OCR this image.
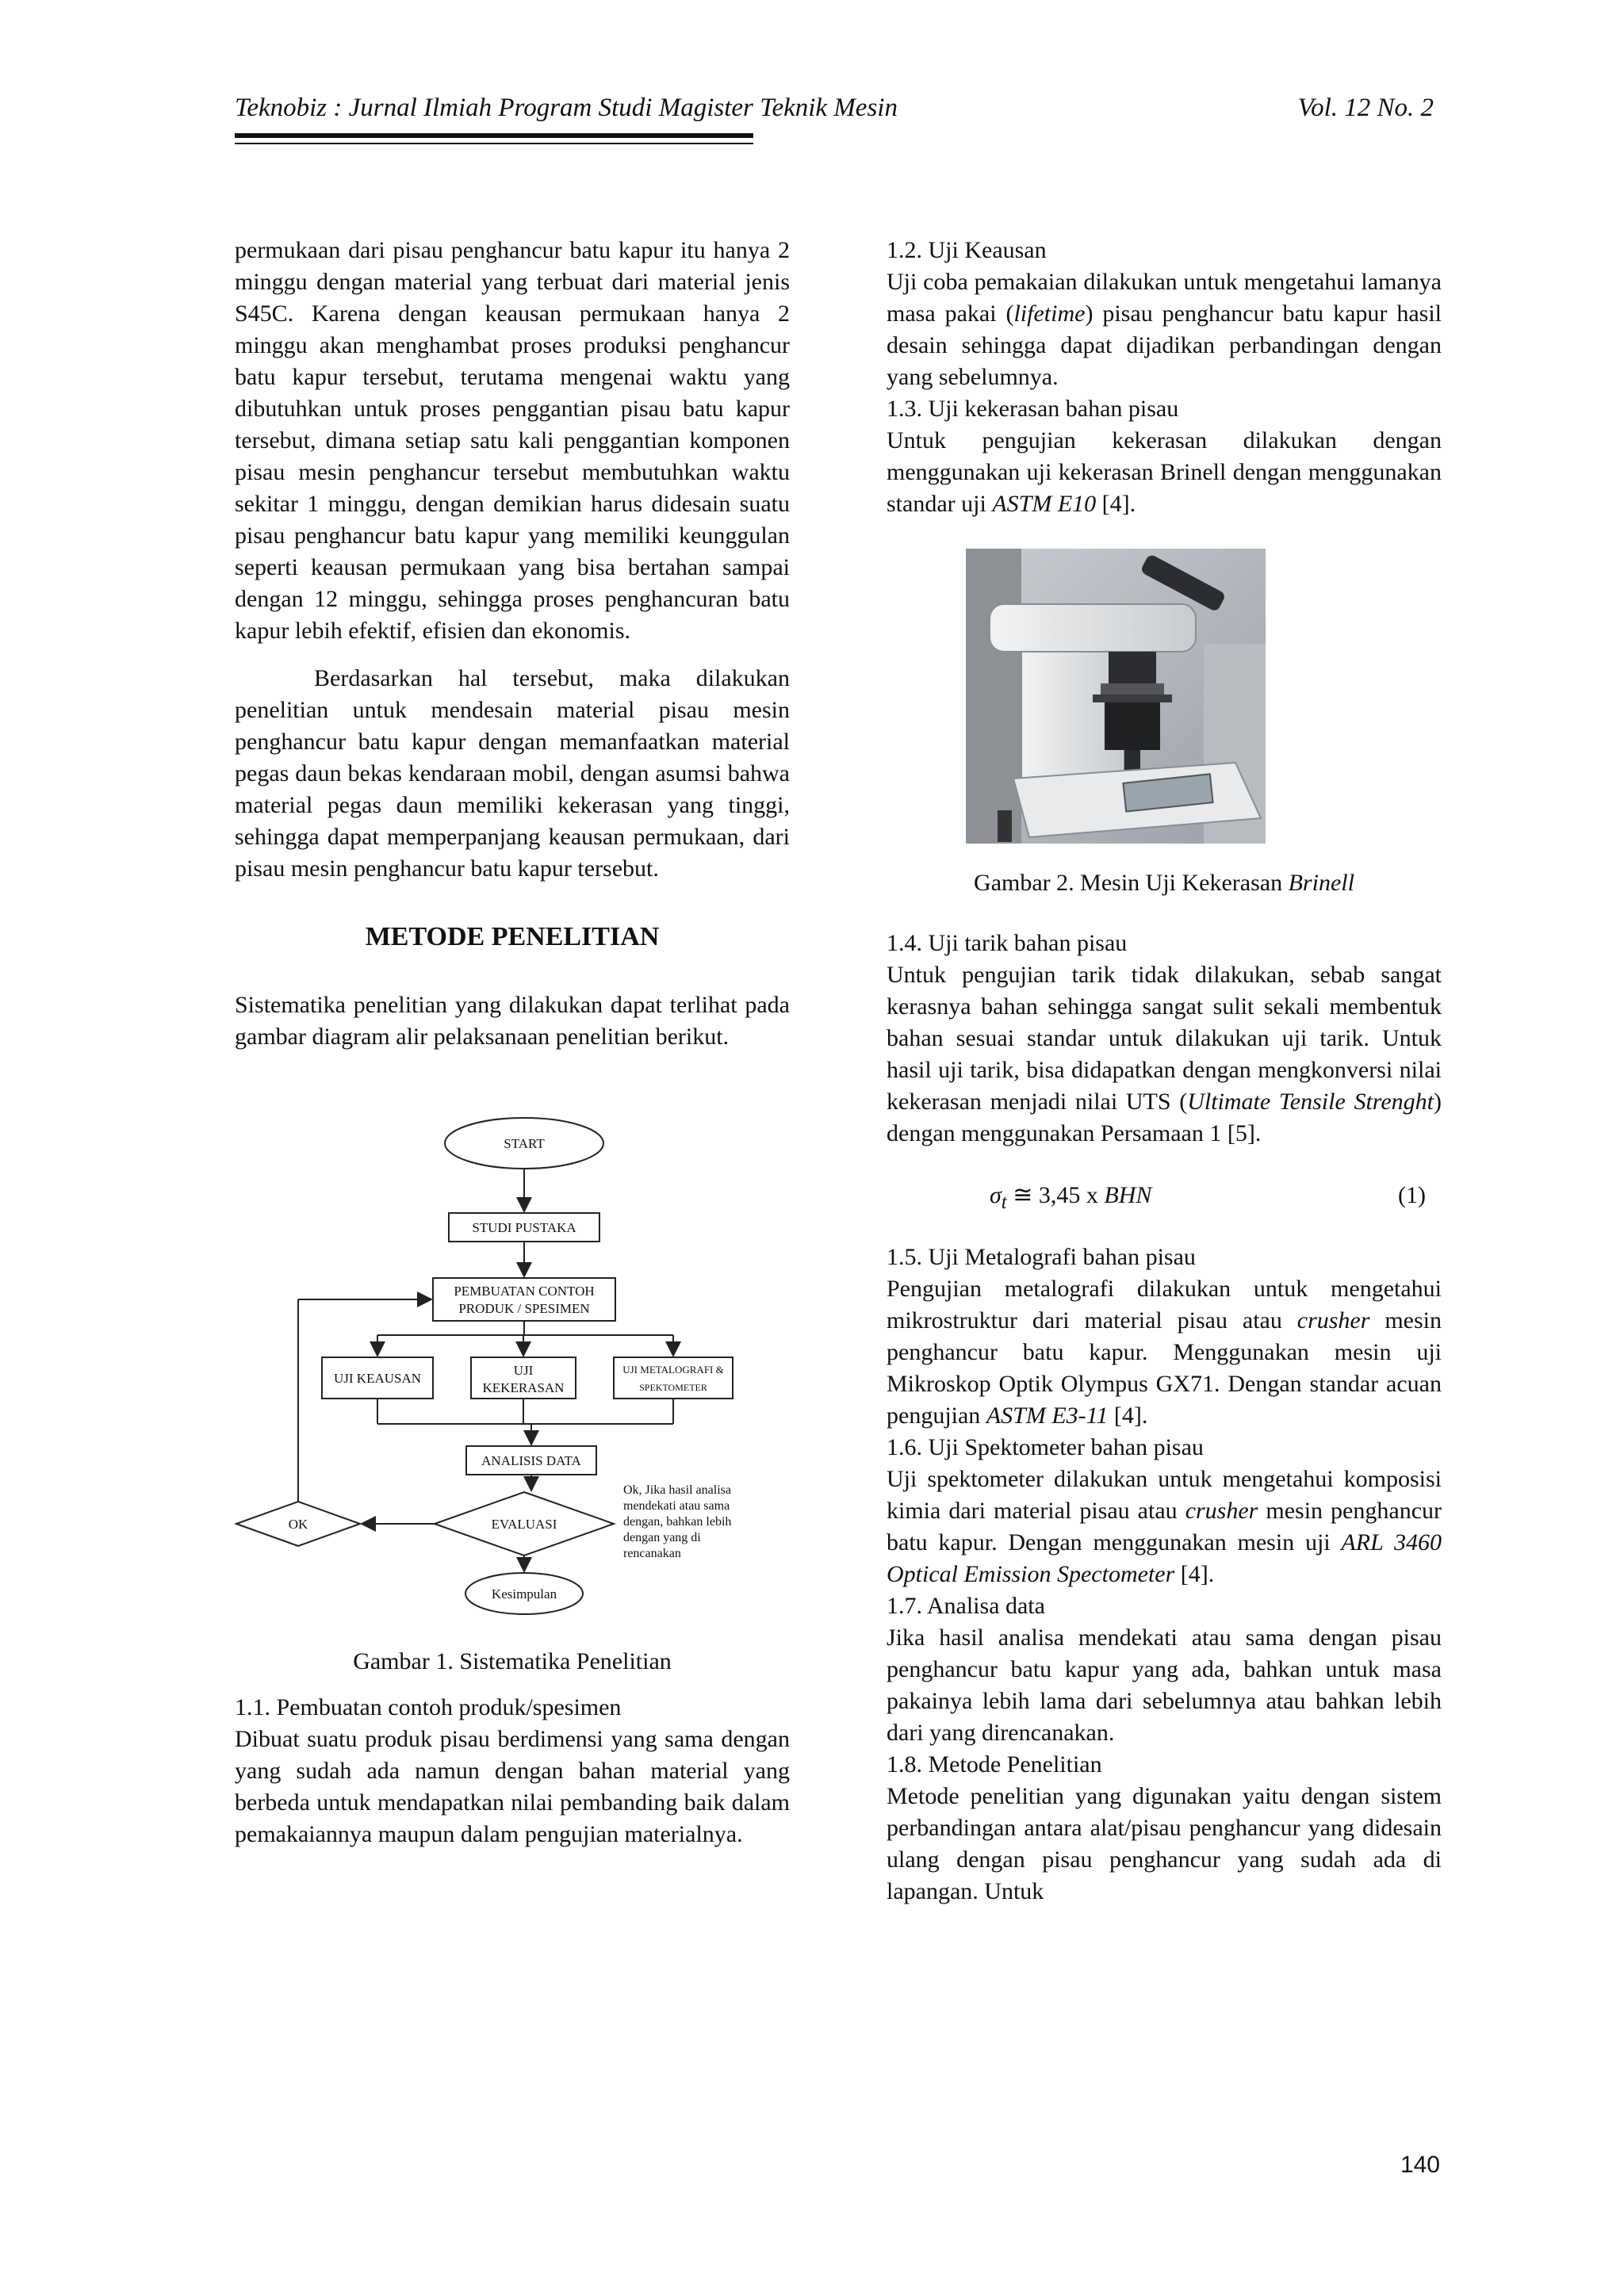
Teknobiz : Jurnal Ilmiah Program Studi Magister Teknik Mesin	Vol. 12 No. 2

permukaan dari pisau penghancur batu kapur itu hanya 2 minggu dengan material yang terbuat dari material jenis S45C. Karena dengan keausan permukaan hanya 2 minggu akan menghambat proses produksi penghancur batu kapur tersebut, terutama mengenai waktu yang dibutuhkan untuk proses penggantian pisau batu kapur tersebut, dimana setiap satu kali penggantian komponen pisau mesin penghancur tersebut membutuhkan waktu sekitar 1 minggu, dengan demikian harus didesain suatu pisau penghancur batu kapur yang memiliki keunggulan seperti keausan permukaan yang bisa bertahan sampai dengan 12 minggu, sehingga proses penghancuran batu kapur lebih efektif, efisien dan ekonomis.

Berdasarkan hal tersebut, maka dilakukan penelitian untuk mendesain material pisau mesin penghancur batu kapur dengan memanfaatkan material pegas daun bekas kendaraan mobil, dengan asumsi bahwa material pegas daun memiliki kekerasan yang tinggi, sehingga dapat memperpanjang keausan permukaan, dari pisau mesin penghancur batu kapur tersebut.

METODE PENELITIAN

Sistematika penelitian yang dilakukan dapat terlihat pada gambar diagram alir pelaksanaan penelitian berikut.

START
STUDI PUSTAKA
PEMBUATAN CONTOH
PRODUK / SPESIMEN
UJI KEAUSAN
UJI
KEKERASAN
UJI METALOGRAFI &
SPEKTOMETER
ANALISIS DATA
EVALUASI
OK
Kesimpulan
Ok, Jika hasil analisa
mendekati atau sama
dengan, bahkan lebih
dengan yang di
rencanakan

Gambar 1. Sistematika Penelitian

1.1. Pembuatan contoh produk/spesimen

Dibuat suatu produk pisau berdimensi yang sama dengan yang sudah ada namun dengan bahan material yang berbeda untuk mendapatkan nilai pembanding baik dalam pemakaiannya maupun dalam pengujian materialnya.

1.2. Uji Keausan

Uji coba pemakaian dilakukan untuk mengetahui lamanya masa pakai (lifetime) pisau penghancur batu kapur hasil desain sehingga dapat dijadikan perbandingan dengan yang sebelumnya.

1.3. Uji kekerasan bahan pisau

Untuk pengujian kekerasan dilakukan dengan menggunakan uji kekerasan Brinell dengan menggunakan standar uji ASTM E10 [4].

Gambar 2. Mesin Uji Kekerasan Brinell

1.4. Uji tarik bahan pisau

Untuk pengujian tarik tidak dilakukan, sebab sangat kerasnya bahan sehingga sangat sulit sekali membentuk bahan sesuai standar untuk dilakukan uji tarik. Untuk hasil uji tarik, bisa didapatkan dengan mengkonversi nilai kekerasan menjadi nilai UTS (Ultimate Tensile Strenght) dengan menggunakan Persamaan 1 [5].

$\sigma_t$ ≅ 3,45 x BHN	(1)

1.5. Uji Metalografi bahan pisau

Pengujian metalografi dilakukan untuk mengetahui mikrostruktur dari material pisau atau crusher mesin penghancur batu kapur. Menggunakan mesin uji Mikroskop Optik Olympus GX71. Dengan standar acuan pengujian ASTM E3-11 [4].

1.6. Uji Spektometer bahan pisau

Uji spektometer dilakukan untuk mengetahui komposisi kimia dari material pisau atau crusher mesin penghancur batu kapur. Dengan menggunakan mesin uji ARL 3460 Optical Emission Spectometer [4].

1.7. Analisa data

Jika hasil analisa mendekati atau sama dengan pisau penghancur batu kapur yang ada, bahkan untuk masa pakainya lebih lama dari sebelumnya atau bahkan lebih dari yang direncanakan.

1.8. Metode Penelitian

Metode penelitian yang digunakan yaitu dengan sistem perbandingan antara alat/pisau penghancur yang didesain ulang dengan pisau penghancur yang sudah ada di lapangan. Untuk

140
